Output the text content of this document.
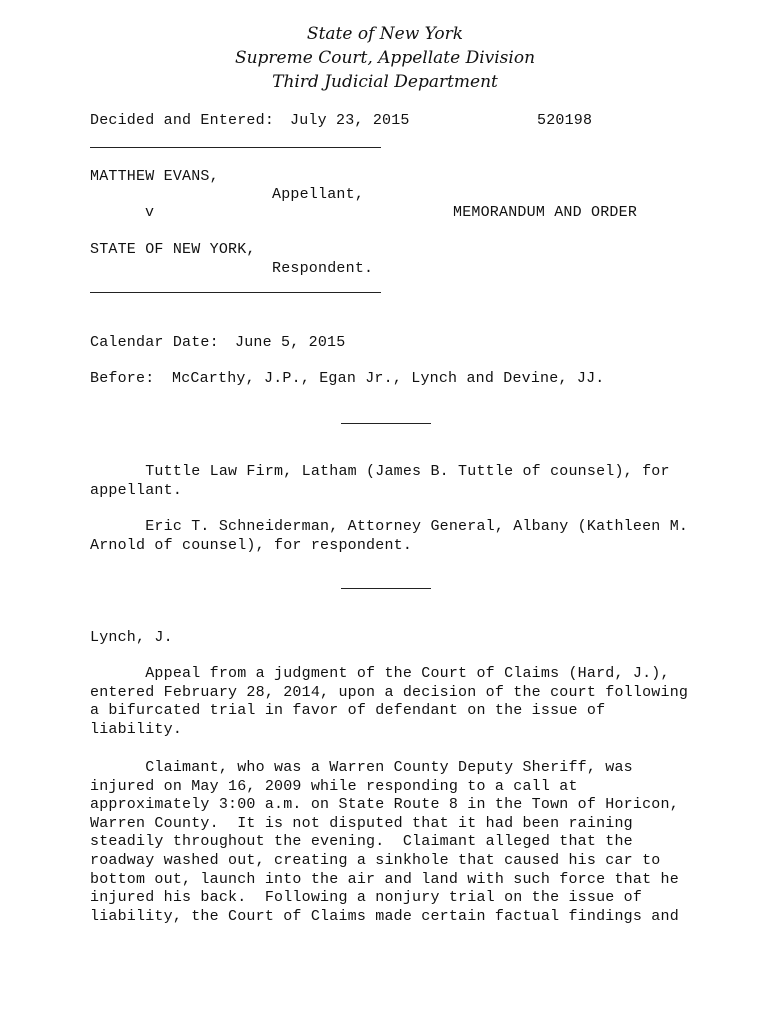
State of New York
Supreme Court, Appellate Division
Third Judicial Department
Decided and Entered: July 23, 2015	520198
MATTHEW EVANS,
Appellant,
v	MEMORANDUM AND ORDER
STATE OF NEW YORK,
Respondent.
Calendar Date: June 5, 2015
Before: McCarthy, J.P., Egan Jr., Lynch and Devine, JJ.
Tuttle Law Firm, Latham (James B. Tuttle of counsel), for
appellant.
Eric T. Schneiderman, Attorney General, Albany (Kathleen M.
Arnold of counsel), for respondent.
Lynch, J.
Appeal from a judgment of the Court of Claims (Hard, J.),
entered February 28, 2014, upon a decision of the court following
a bifurcated trial in favor of defendant on the issue of
liability.
Claimant, who was a Warren County Deputy Sheriff, was
injured on May 16, 2009 while responding to a call at
approximately 3:00 a.m. on State Route 8 in the Town of Horicon,
Warren County.  It is not disputed that it had been raining
steadily throughout the evening.  Claimant alleged that the
roadway washed out, creating a sinkhole that caused his car to
bottom out, launch into the air and land with such force that he
injured his back.  Following a nonjury trial on the issue of
liability, the Court of Claims made certain factual findings and
